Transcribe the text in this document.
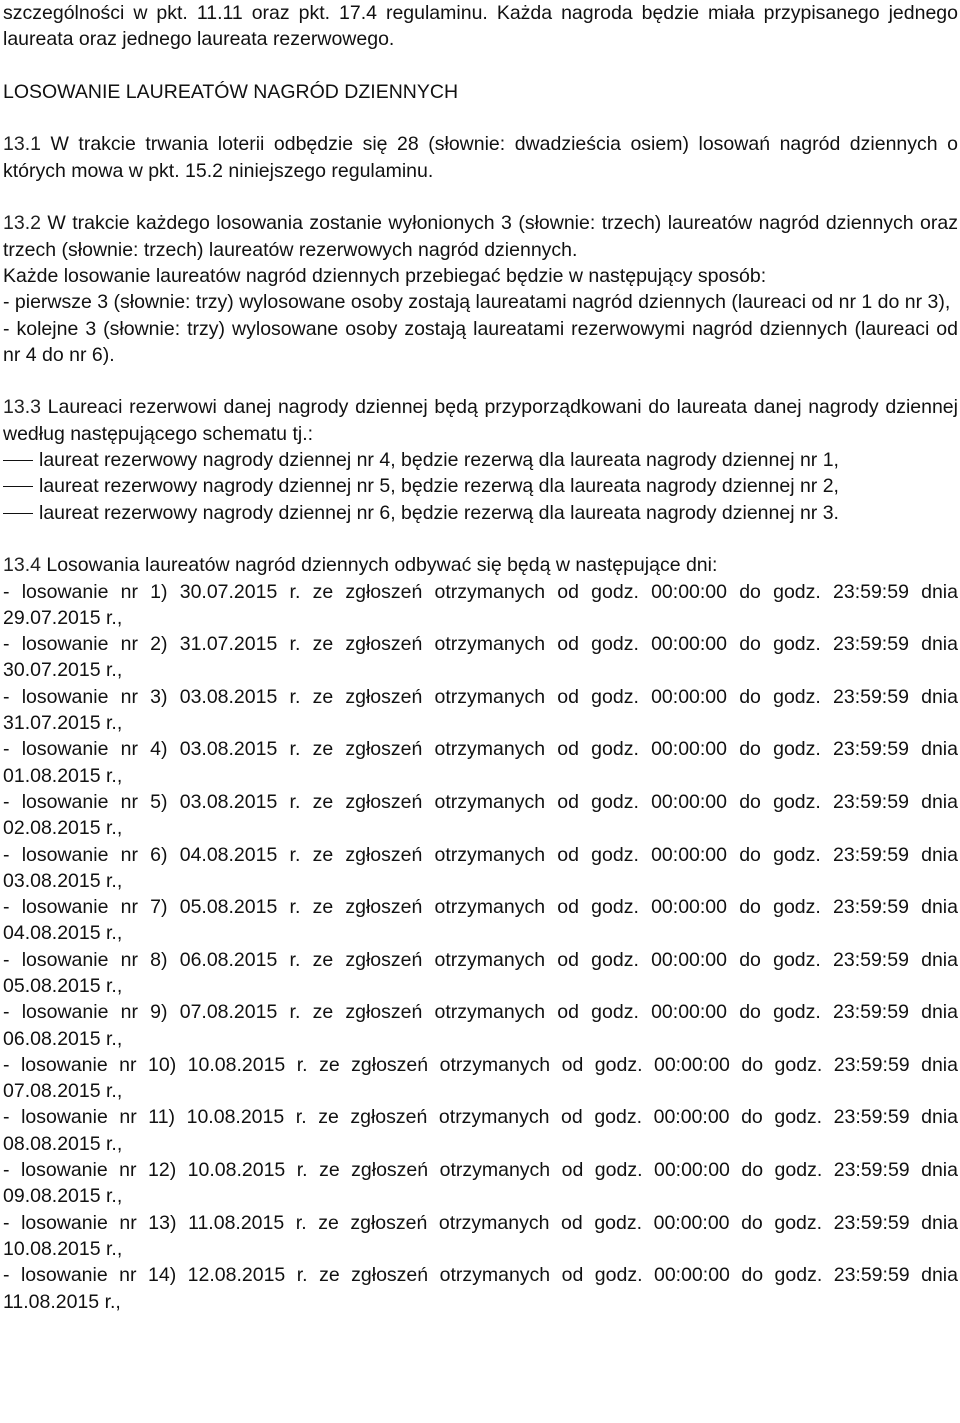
szczególności w pkt. 11.11 oraz pkt. 17.4 regulaminu. Każda nagroda będzie miała przypisanego jednego laureata oraz jednego laureata rezerwowego.

LOSOWANIE LAUREATÓW NAGRÓD DZIENNYCH

13.1 W trakcie trwania loterii odbędzie się 28 (słownie: dwadzieścia osiem) losowań nagród dziennych o których mowa w pkt. 15.2 niniejszego regulaminu.

13.2 W trakcie każdego losowania zostanie wyłonionych 3 (słownie: trzech) laureatów nagród dziennych oraz trzech (słownie: trzech) laureatów rezerwowych nagród dziennych.

Każde losowanie laureatów nagród dziennych przebiegać będzie w następujący sposób:

- pierwsze 3 (słownie: trzy) wylosowane osoby zostają laureatami nagród dziennych (laureaci od nr 1 do nr 3),

- kolejne 3 (słownie: trzy) wylosowane osoby zostają laureatami rezerwowymi nagród dziennych (laureaci od nr 4 do nr 6).

13.3 Laureaci rezerwowi danej nagrody dziennej będą przyporządkowani do laureata danej nagrody dziennej według następującego schematu tj.:

laureat rezerwowy nagrody dziennej nr 4, będzie rezerwą dla laureata nagrody dziennej nr 1,
laureat rezerwowy nagrody dziennej nr 5, będzie rezerwą dla laureata nagrody dziennej nr 2,
laureat rezerwowy nagrody dziennej nr 6, będzie rezerwą dla laureata nagrody dziennej nr 3.

13.4 Losowania laureatów nagród dziennych odbywać się będą w następujące dni:

- losowanie nr 1) 30.07.2015 r. ze zgłoszeń otrzymanych od godz. 00:00:00 do godz. 23:59:59 dnia 29.07.2015 r.,

- losowanie nr 2) 31.07.2015 r. ze zgłoszeń otrzymanych od godz. 00:00:00 do godz. 23:59:59 dnia 30.07.2015 r.,

- losowanie nr 3) 03.08.2015 r. ze zgłoszeń otrzymanych od godz. 00:00:00 do godz. 23:59:59 dnia 31.07.2015 r.,

- losowanie nr 4) 03.08.2015 r. ze zgłoszeń otrzymanych od godz. 00:00:00 do godz. 23:59:59 dnia 01.08.2015 r.,

- losowanie nr 5) 03.08.2015 r. ze zgłoszeń otrzymanych od godz. 00:00:00 do godz. 23:59:59 dnia 02.08.2015 r.,

- losowanie nr 6) 04.08.2015 r. ze zgłoszeń otrzymanych od godz. 00:00:00 do godz. 23:59:59 dnia 03.08.2015 r.,

- losowanie nr 7) 05.08.2015 r. ze zgłoszeń otrzymanych od godz. 00:00:00 do godz. 23:59:59 dnia 04.08.2015 r.,

- losowanie nr 8) 06.08.2015 r. ze zgłoszeń otrzymanych od godz. 00:00:00 do godz. 23:59:59 dnia 05.08.2015 r.,

- losowanie nr 9) 07.08.2015 r. ze zgłoszeń otrzymanych od godz. 00:00:00 do godz. 23:59:59 dnia 06.08.2015 r.,

- losowanie nr 10) 10.08.2015 r. ze zgłoszeń otrzymanych od godz. 00:00:00 do godz. 23:59:59 dnia 07.08.2015 r.,

- losowanie nr 11) 10.08.2015 r. ze zgłoszeń otrzymanych od godz. 00:00:00 do godz. 23:59:59 dnia 08.08.2015 r.,

- losowanie nr 12) 10.08.2015 r. ze zgłoszeń otrzymanych od godz. 00:00:00 do godz. 23:59:59 dnia 09.08.2015 r.,

- losowanie nr 13) 11.08.2015 r. ze zgłoszeń otrzymanych od godz. 00:00:00 do godz. 23:59:59 dnia 10.08.2015 r.,

- losowanie nr 14) 12.08.2015 r. ze zgłoszeń otrzymanych od godz. 00:00:00 do godz. 23:59:59 dnia 11.08.2015 r.,
